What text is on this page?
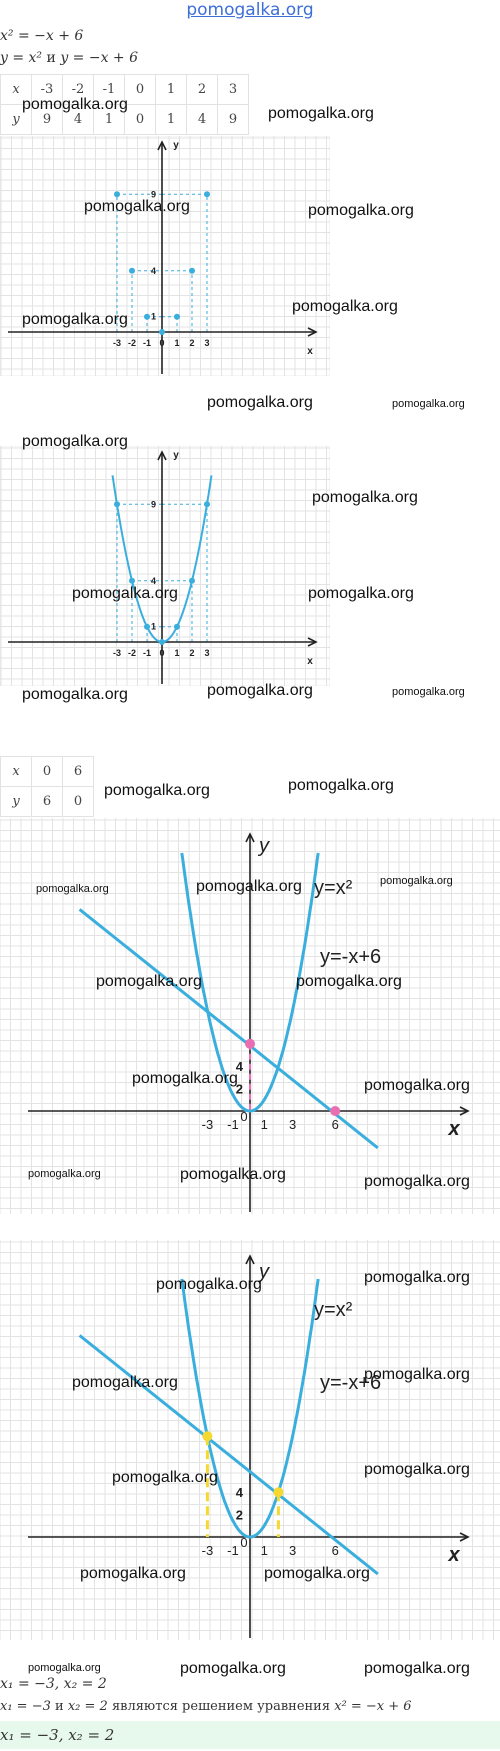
pomogalka.org
x² = −x + 6
y = x² и y = −x + 6
x	-3	-2	-1	0	1	2	3
y	9	4	1	0	1	4	9
-3 -2 -1 0 1 2 3
1
4
9
y
x
-3 -2 -1 0 1 2 3
1
4
9
y
x
x	0	6
y	6	0
y=x²
y=-x+6
y
x
-3 -1
0
1 3	6
2
4
y=x²
y=-x+6
y
x
-3 -1
0
1 3	6
2
4
x₁ = −3, x₂ = 2
x₁ = −3 и x₂ = 2 являются решением уравнения x² = −x + 6
x₁ = −3, x₂ = 2
pomogalka.org
pomogalka.org
pomogalka.org	pomogalka.org
pomogalka.org
pomogalka.org
pomogalka.org	pomogalka.org
pomogalka.org
pomogalka.org
pomogalka.org	pomogalka.org
pomogalka.org	pomogalka.org	pomogalka.org
pomogalka.org	pomogalka.org
pomogalka.org	pomogalka.org	pomogalka.org
pomogalka.org	pomogalka.org
pomogalka.org	pomogalka.org
pomogalka.org	pomogalka.org	pomogalka.org
pomogalka.org
pomogalka.org
pomogalka.org
pomogalka.org
pomogalka.org
pomogalka.org
pomogalka.org	pomogalka.org
pomogalka.org	pomogalka.org	pomogalka.org
